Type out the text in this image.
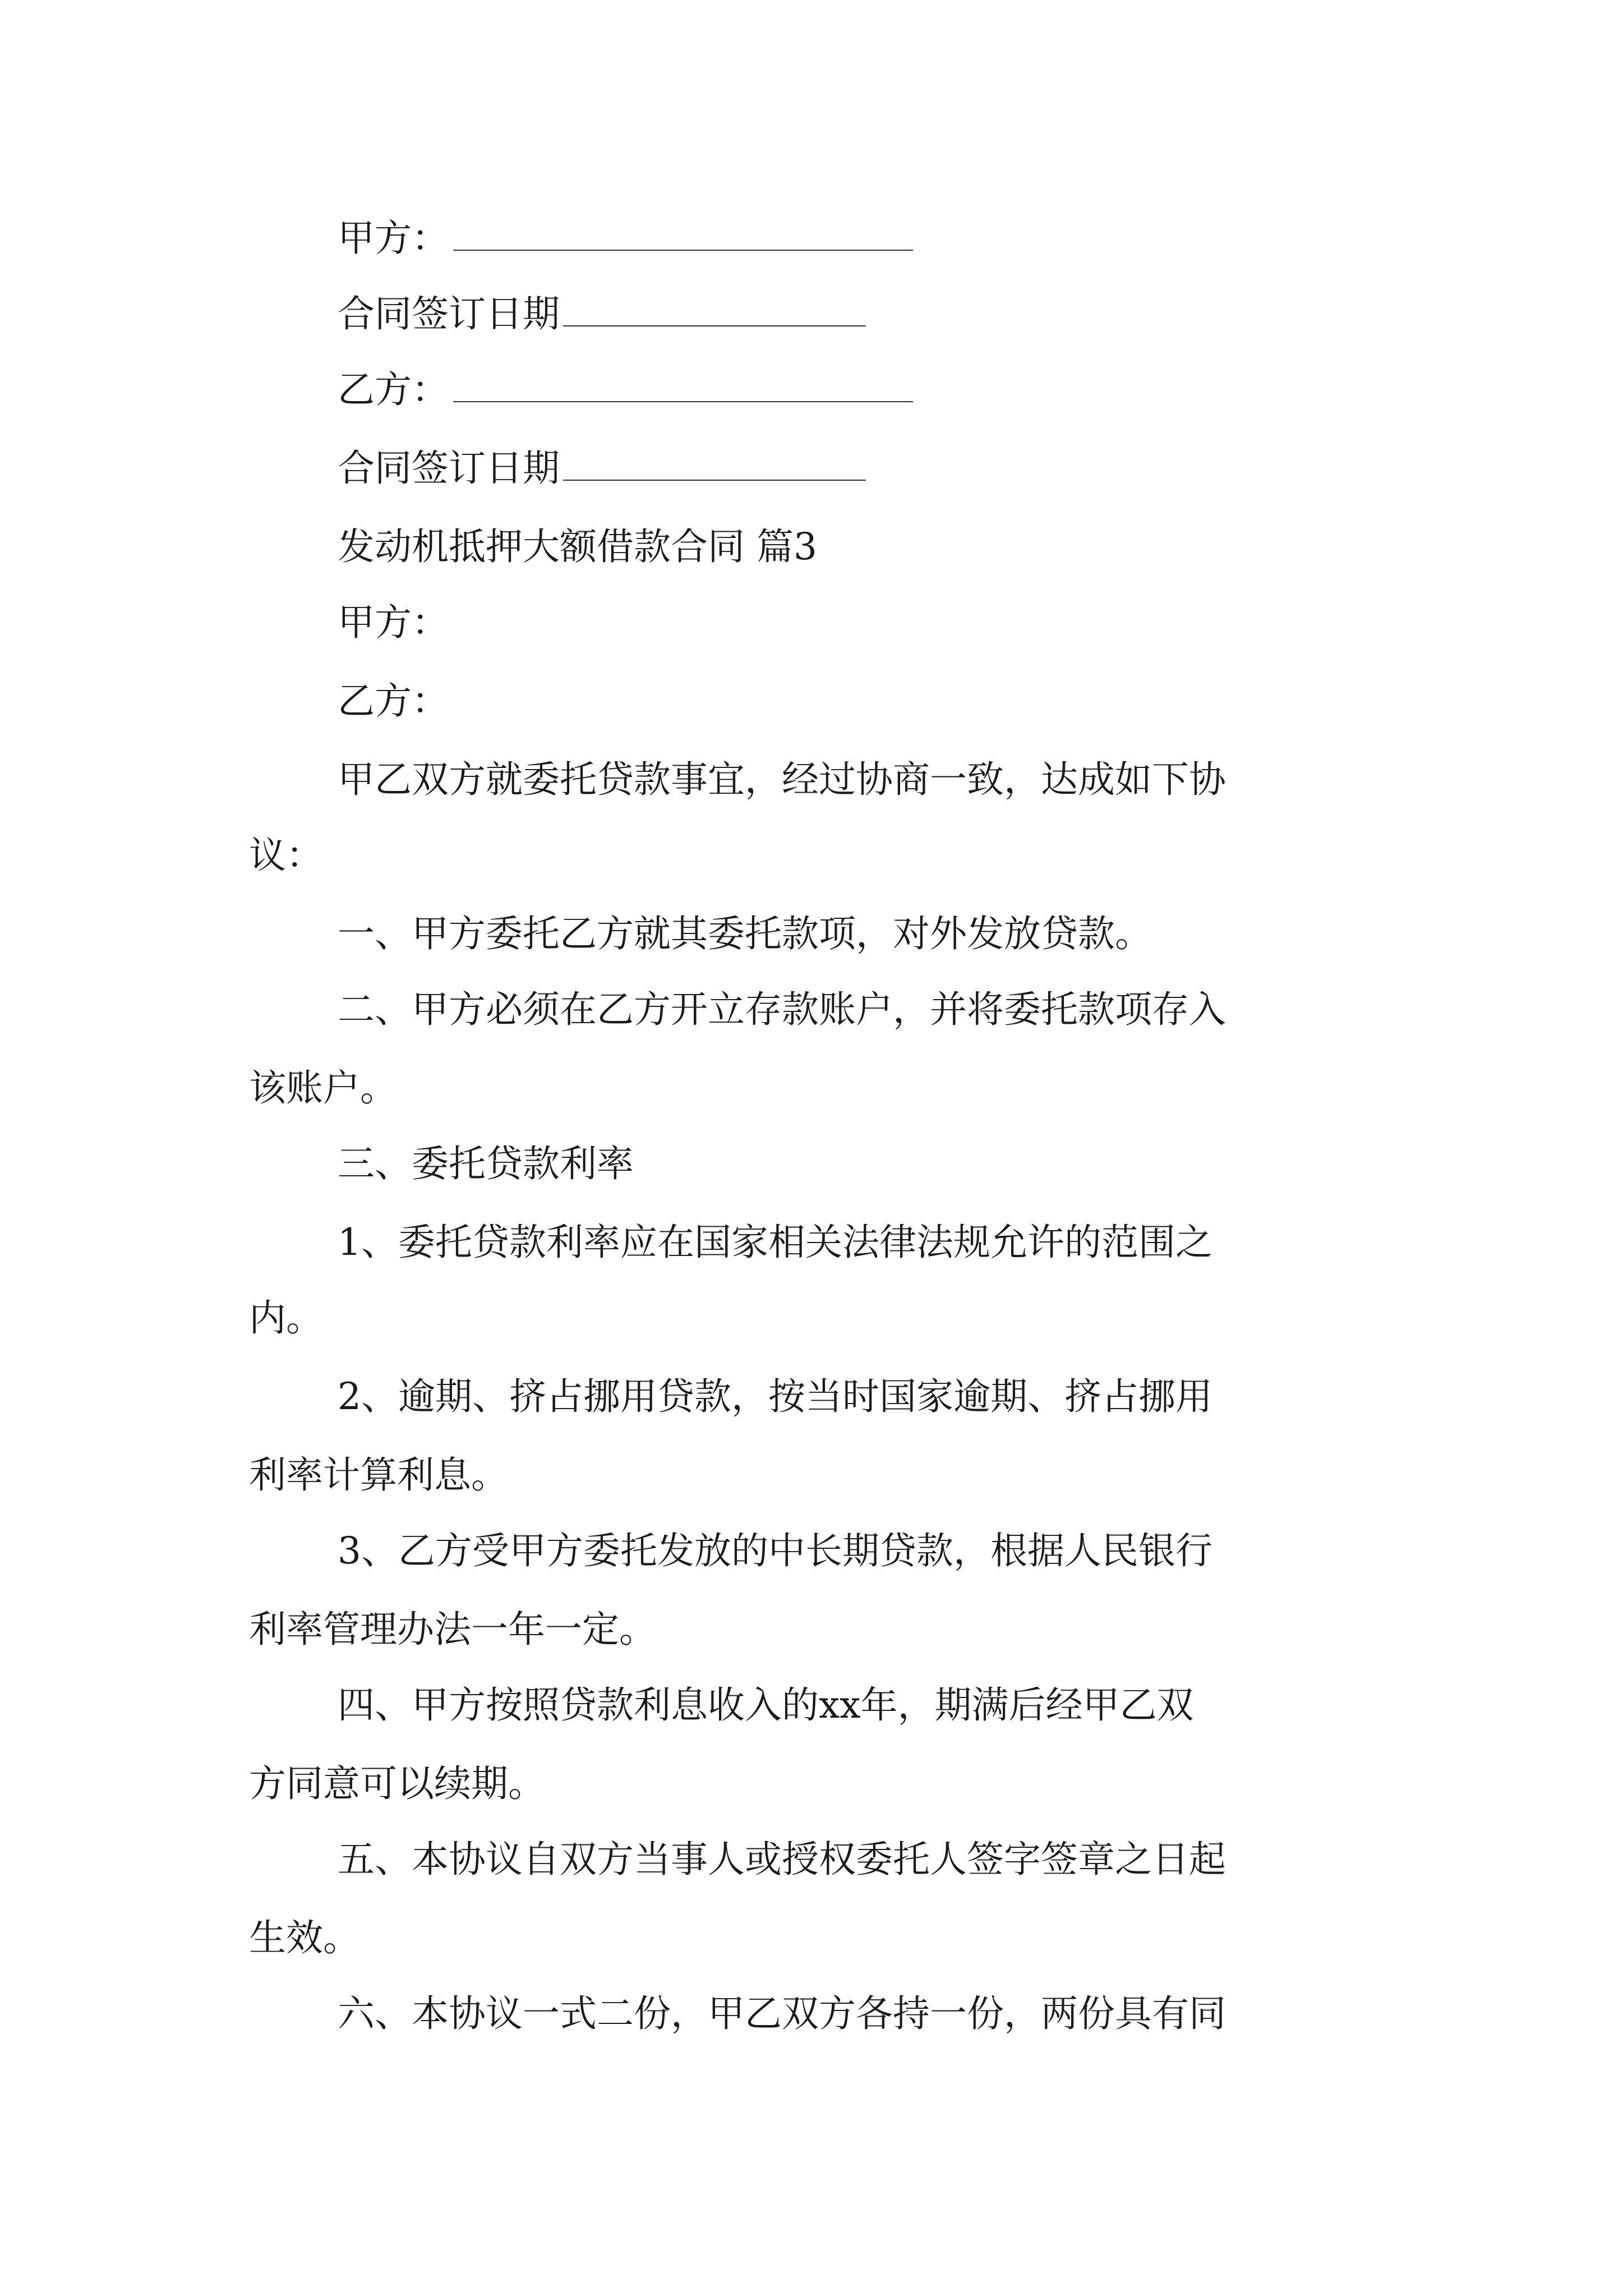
甲方：
合同签订日期
乙方：
合同签订日期
发动机抵押大额借款合同 篇3
甲方：
乙方：
甲乙双方就委托贷款事宜，经过协商一致，达成如下协
议：
一、甲方委托乙方就其委托款项，对外发放贷款。
二、甲方必须在乙方开立存款账户，并将委托款项存入
该账户。
三、委托贷款利率
1、委托贷款利率应在国家相关法律法规允许的范围之
内。
2、逾期、挤占挪用贷款，按当时国家逾期、挤占挪用
利率计算利息。
3、乙方受甲方委托发放的中长期贷款，根据人民银行
利率管理办法一年一定。
四、甲方按照贷款利息收入的xx年，期满后经甲乙双
方同意可以续期。
五、本协议自双方当事人或授权委托人签字签章之日起
生效。
六、本协议一式二份，甲乙双方各持一份，两份具有同
